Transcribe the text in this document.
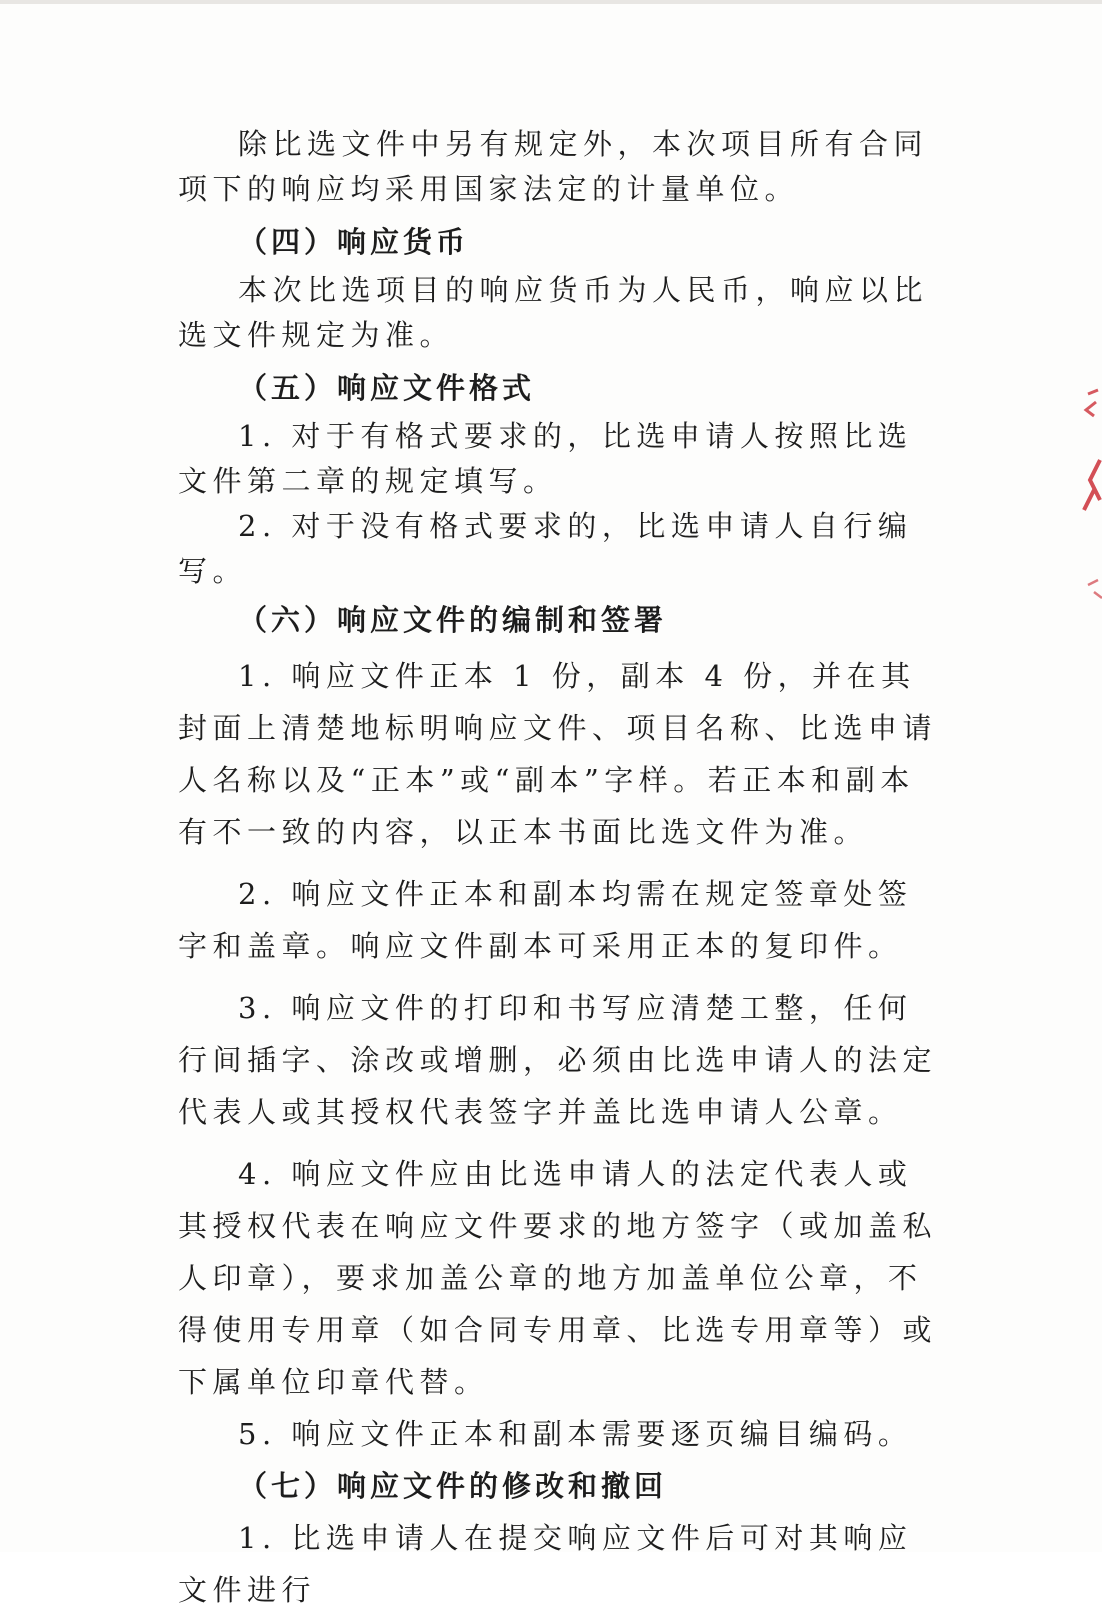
除比选文件中另有规定外，本次项目所有合同项下的响应均采用国家法定的计量单位。

（四）响应货币

本次比选项目的响应货币为人民币，响应以比选文件规定为准。

（五）响应文件格式

1. 对于有格式要求的，比选申请人按照比选文件第二章的规定填写。

2. 对于没有格式要求的，比选申请人自行编写。

（六）响应文件的编制和签署

1. 响应文件正本 1 份，副本 4 份，并在其封面上清楚地标明响应文件、项目名称、比选申请人名称以及“正本”或“副本”字样。若正本和副本有不一致的内容，以正本书面比选文件为准。

2. 响应文件正本和副本均需在规定签章处签字和盖章。响应文件副本可采用正本的复印件。

3. 响应文件的打印和书写应清楚工整，任何行间插字、涂改或增删，必须由比选申请人的法定代表人或其授权代表签字并盖比选申请人公章。

4. 响应文件应由比选申请人的法定代表人或其授权代表在响应文件要求的地方签字（或加盖私人印章），要求加盖公章的地方加盖单位公章，不得使用专用章（如合同专用章、比选专用章等）或下属单位印章代替。

5. 响应文件正本和副本需要逐页编目编码。

（七）响应文件的修改和撤回

1. 比选申请人在提交响应文件后可对其响应文件进行
